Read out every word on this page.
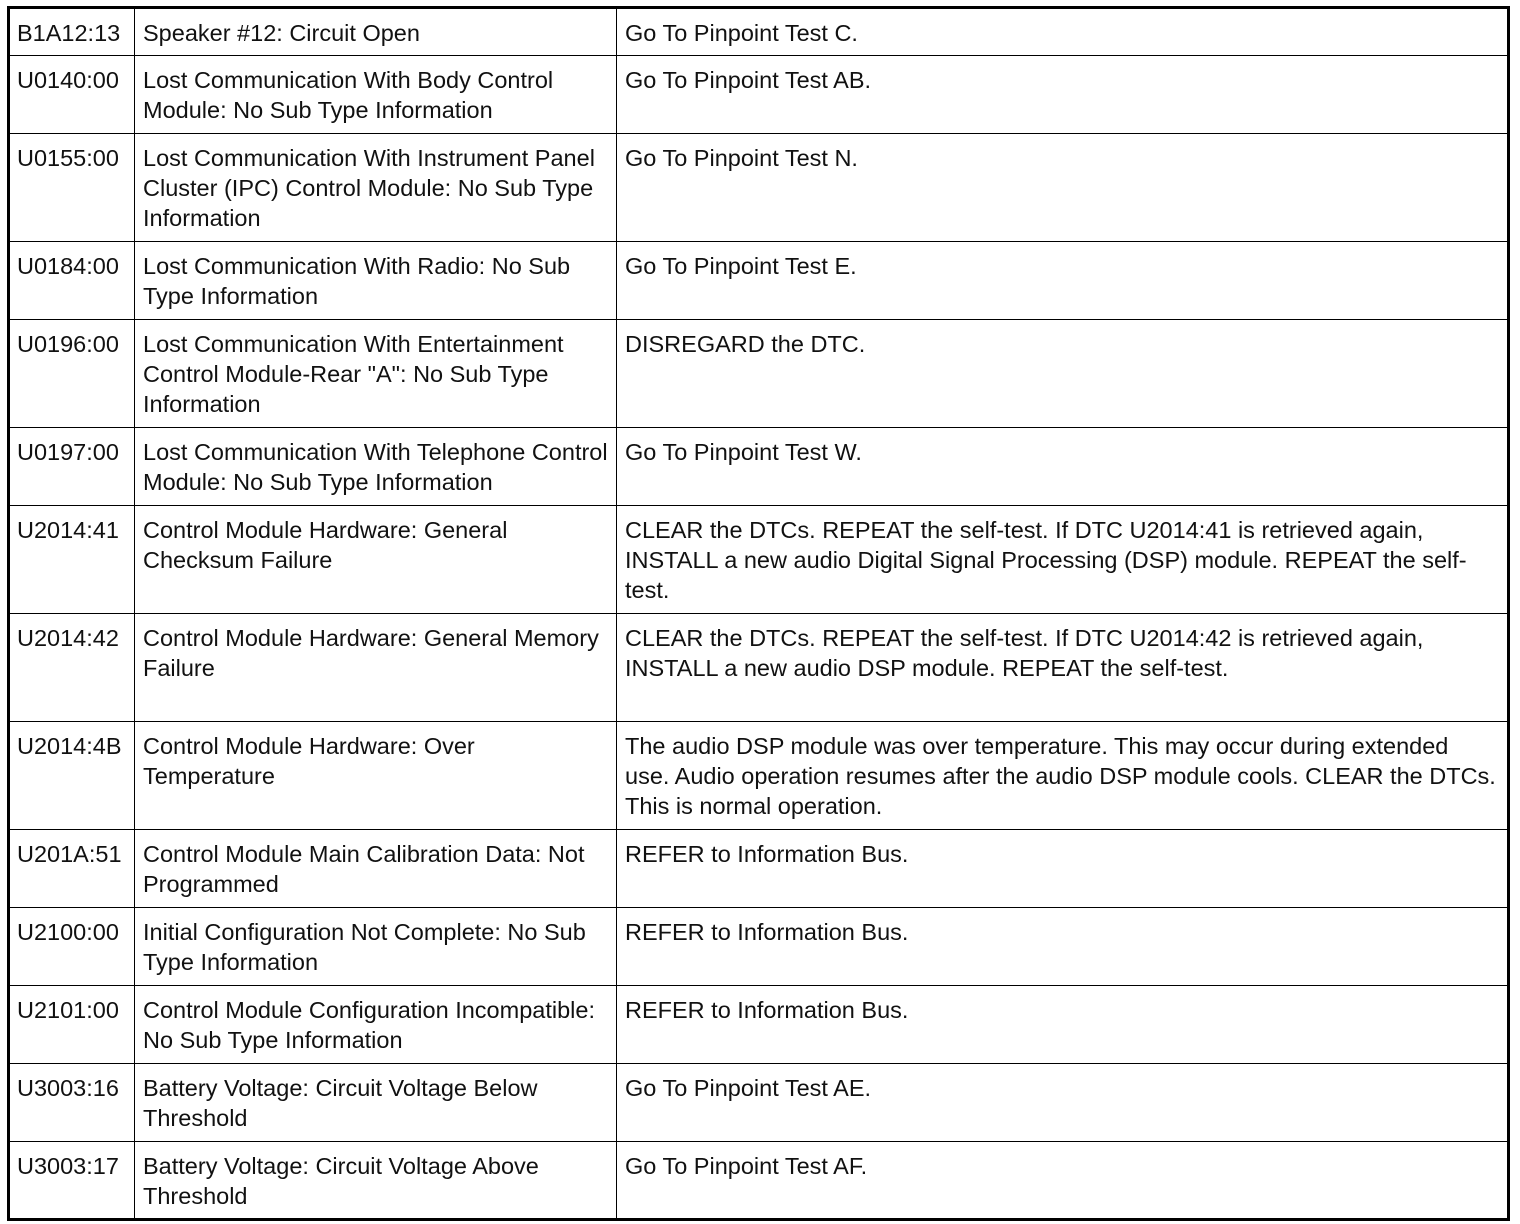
B1A12:13	Speaker #12: Circuit Open	Go To Pinpoint Test C.
U0140:00	Lost Communication With Body Control Module: No Sub Type Information	Go To Pinpoint Test AB.
U0155:00	Lost Communication With Instrument Panel Cluster (IPC) Control Module: No Sub Type Information	Go To Pinpoint Test N.
U0184:00	Lost Communication With Radio: No Sub Type Information	Go To Pinpoint Test E.
U0196:00	Lost Communication With Entertainment Control Module-Rear "A": No Sub Type Information	DISREGARD the DTC.
U0197:00	Lost Communication With Telephone Control Module: No Sub Type Information	Go To Pinpoint Test W.
U2014:41	Control Module Hardware: General Checksum Failure	CLEAR the DTCs. REPEAT the self-test. If DTC U2014:41 is retrieved again, INSTALL a new audio Digital Signal Processing (DSP) module. REPEAT the self-test.
U2014:42	Control Module Hardware: General Memory Failure	CLEAR the DTCs. REPEAT the self-test. If DTC U2014:42 is retrieved again, INSTALL a new audio DSP module. REPEAT the self-test.
U2014:4B	Control Module Hardware: Over Temperature	The audio DSP module was over temperature. This may occur during extended use. Audio operation resumes after the audio DSP module cools. CLEAR the DTCs. This is normal operation.
U201A:51	Control Module Main Calibration Data: Not Programmed	REFER to Information Bus.
U2100:00	Initial Configuration Not Complete: No Sub Type Information	REFER to Information Bus.
U2101:00	Control Module Configuration Incompatible: No Sub Type Information	REFER to Information Bus.
U3003:16	Battery Voltage: Circuit Voltage Below Threshold	Go To Pinpoint Test AE.
U3003:17	Battery Voltage: Circuit Voltage Above Threshold	Go To Pinpoint Test AF.
